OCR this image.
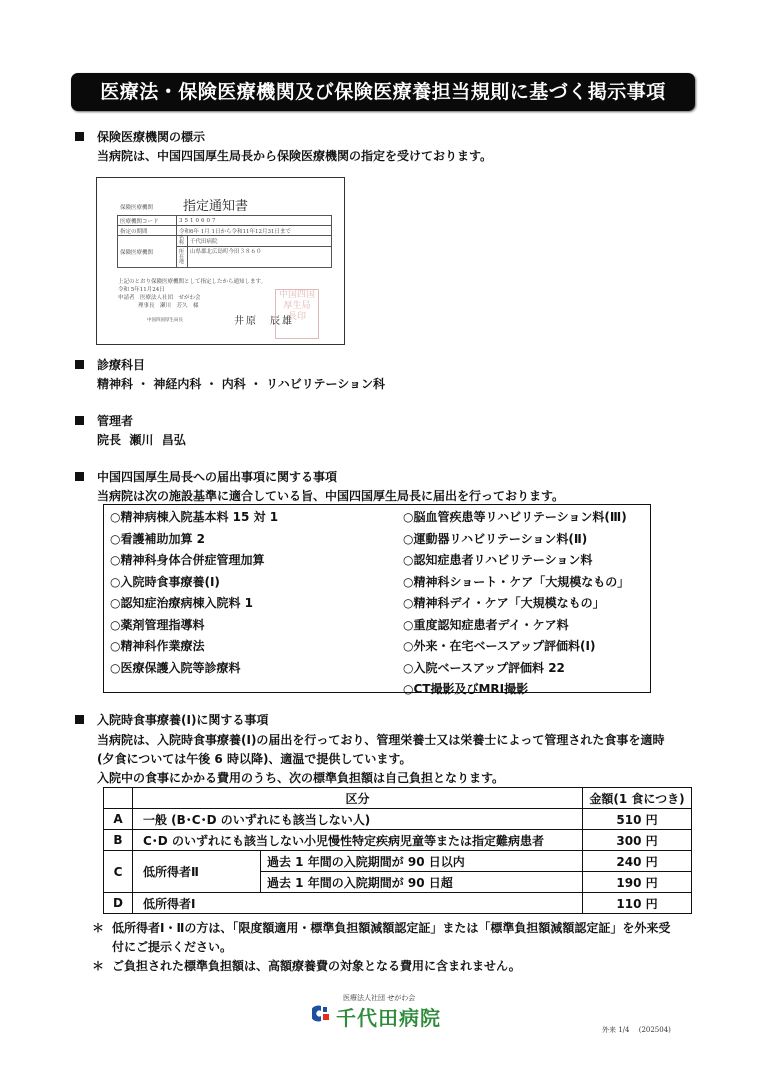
医療法・保険医療機関及び保険医療養担当規則に基づく掲示事項
保険医療機関の標示
当病院は、中国四国厚生局長から保険医療機関の指定を受けております。
保険医療機関 指定通知書
医療機関コード	3510607	
指定の期間	令和6年 1月 1日から令和11年12月31日まで	
保険医療機関	名称	千代田病院
	所在地	山県郡北広島町今田３８６０
上記のとおり保険医療機関として指定したから通知します。
令和 5年11月24日
申請者　医療法人社団　せがわ会
理事長　瀬川　芳久　様
中国四国厚生局長	井原　辰雄
中国四国
厚生局
長印
診療科目
精神科 ・ 神経内科 ・ 内科 ・ リハビリテーション科
管理者
院長  瀬川  昌弘
中国四国厚生局長への届出事項に関する事項
当病院は次の施設基準に適合している旨、中国四国厚生局長に届出を行っております。
○精神病棟入院基本料 15 対 1
○看護補助加算 2
○精神科身体合併症管理加算
○入院時食事療養(Ⅰ)
○認知症治療病棟入院料 1
○薬剤管理指導料
○精神科作業療法
○医療保護入院等診療料
○脳血管疾患等リハビリテーション料(Ⅲ)
○運動器リハビリテーション料(Ⅱ)
○認知症患者リハビリテーション料
○精神科ショート・ケア「大規模なもの」
○精神科デイ・ケア「大規模なもの」
○重度認知症患者デイ・ケア料
○外来・在宅ベースアップ評価料(Ⅰ)
○入院ベースアップ評価料 22
○CT撮影及びMRI撮影
入院時食事療養(Ⅰ)に関する事項
当病院は、入院時食事療養(Ⅰ)の届出を行っており、管理栄養士又は栄養士によって管理された食事を適時
(夕食については午後 6 時以降)、適温で提供しています。
入院中の食事にかかる費用のうち、次の標準負担額は自己負担となります。
	区分		金額(1 食につき)
A	一般 (B･C･D のいずれにも該当しない人)		510 円
B	C･D のいずれにも該当しない小児慢性特定疾病児童等または指定難病患者		300 円
C	低所得者Ⅱ	過去 1 年間の入院期間が 90 日以内	240 円
		過去 1 年間の入院期間が 90 日超	190 円
D	低所得者Ⅰ		110 円
＊ 低所得者Ⅰ・Ⅱの方は、「限度額適用・標準負担額減額認定証」または「標準負担額減額認定証」を外来受
付にご提示ください。
＊ ご負担された標準負担額は、高額療養費の対象となる費用に含まれません。
医療法人社団 せがわ会
千代田病院	外来 1/4　 (202504)
